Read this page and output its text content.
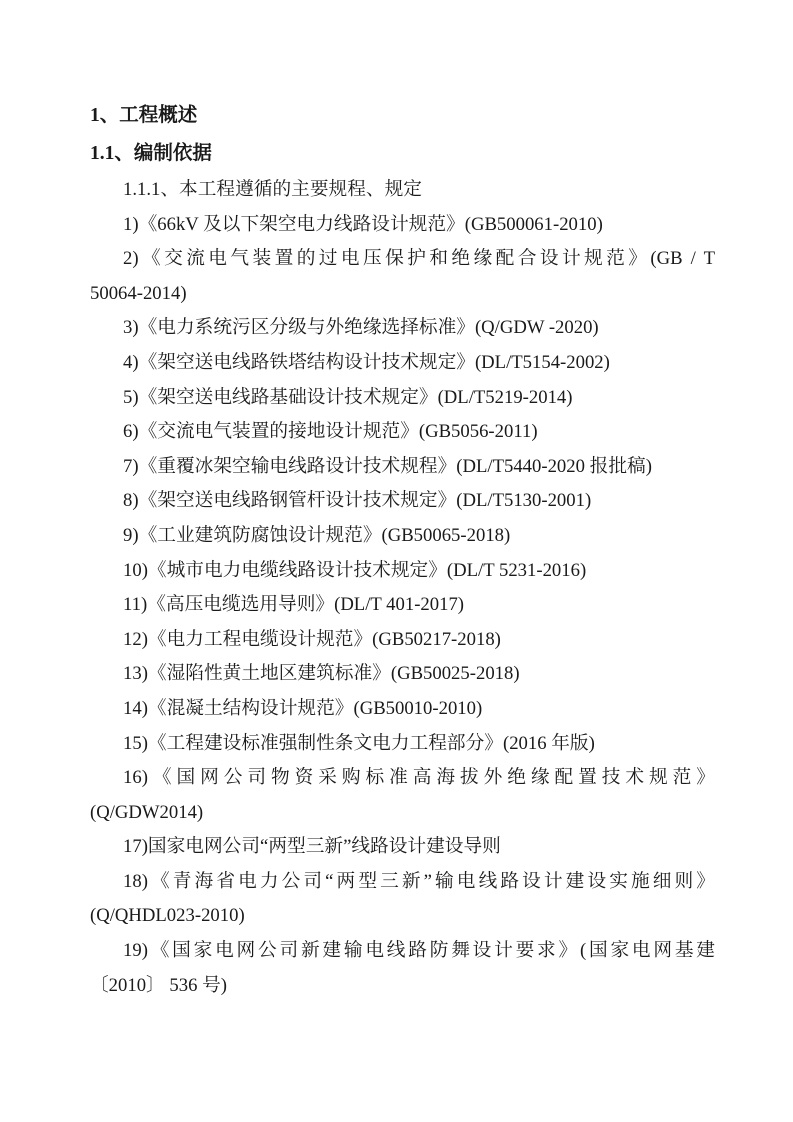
1、工程概述
1.1、编制依据
1.1.1、本工程遵循的主要规程、规定
1)《66kV 及以下架空电力线路设计规范》(GB500061-2010)
2)《交流电气装置的过电压保护和绝缘配合设计规范》(GB / T
50064-2014)
3)《电力系统污区分级与外绝缘选择标准》(Q/GDW -2020)
4)《架空送电线路铁塔结构设计技术规定》(DL/T5154-2002)
5)《架空送电线路基础设计技术规定》(DL/T5219-2014)
6)《交流电气装置的接地设计规范》(GB5056-2011)
7)《重覆冰架空输电线路设计技术规程》(DL/T5440-2020 报批稿)
8)《架空送电线路钢管杆设计技术规定》(DL/T5130-2001)
9)《工业建筑防腐蚀设计规范》(GB50065-2018)
10)《城市电力电缆线路设计技术规定》(DL/T 5231-2016)
11)《高压电缆选用导则》(DL/T 401-2017)
12)《电力工程电缆设计规范》(GB50217-2018)
13)《湿陷性黄土地区建筑标准》(GB50025-2018)
14)《混凝土结构设计规范》(GB50010-2010)
15)《工程建设标准强制性条文电力工程部分》(2016 年版)
16)《国网公司物资采购标准高海拔外绝缘配置技术规范》
(Q/GDW2014)
17)国家电网公司“两型三新”线路设计建设导则
18)《青海省电力公司“两型三新”输电线路设计建设实施细则》
(Q/QHDL023-2010)
19)《国家电网公司新建输电线路防舞设计要求》(国家电网基建
〔2010〕 536 号)
